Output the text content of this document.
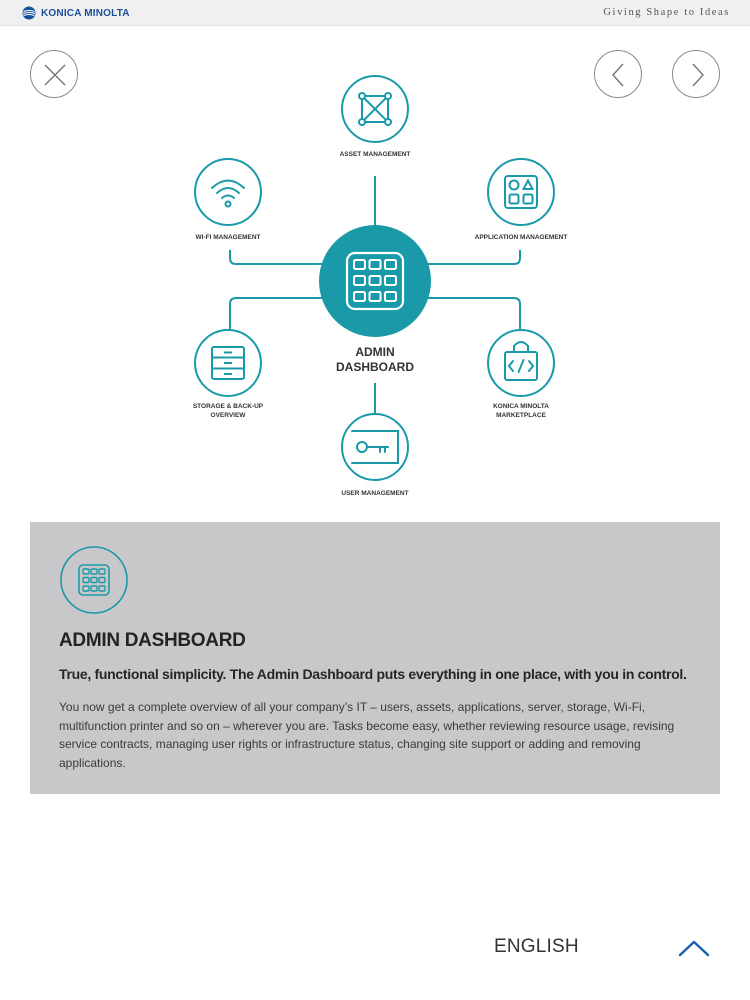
KONICA MINOLTA	Giving Shape to Ideas
ADMIN
DASHBOARD
ASSET MANAGEMENT
WI-FI MANAGEMENT	APPLICATION MANAGEMENT
STORAGE & BACK-UP
OVERVIEW
KONICA MINOLTA
MARKETPLACE
USER MANAGEMENT
ADMIN DASHBOARD
True, functional simplicity. The Admin Dashboard puts everything in one place, with you in control.
You now get a complete overview of all your company’s IT – users, assets, applications, server, storage, Wi-Fi, multifunction printer and so on – wherever you are. Tasks become easy, whether reviewing resource usage, revising service contracts, managing user rights or infrastructure status, changing site support or adding and removing applications.
ENGLISH
